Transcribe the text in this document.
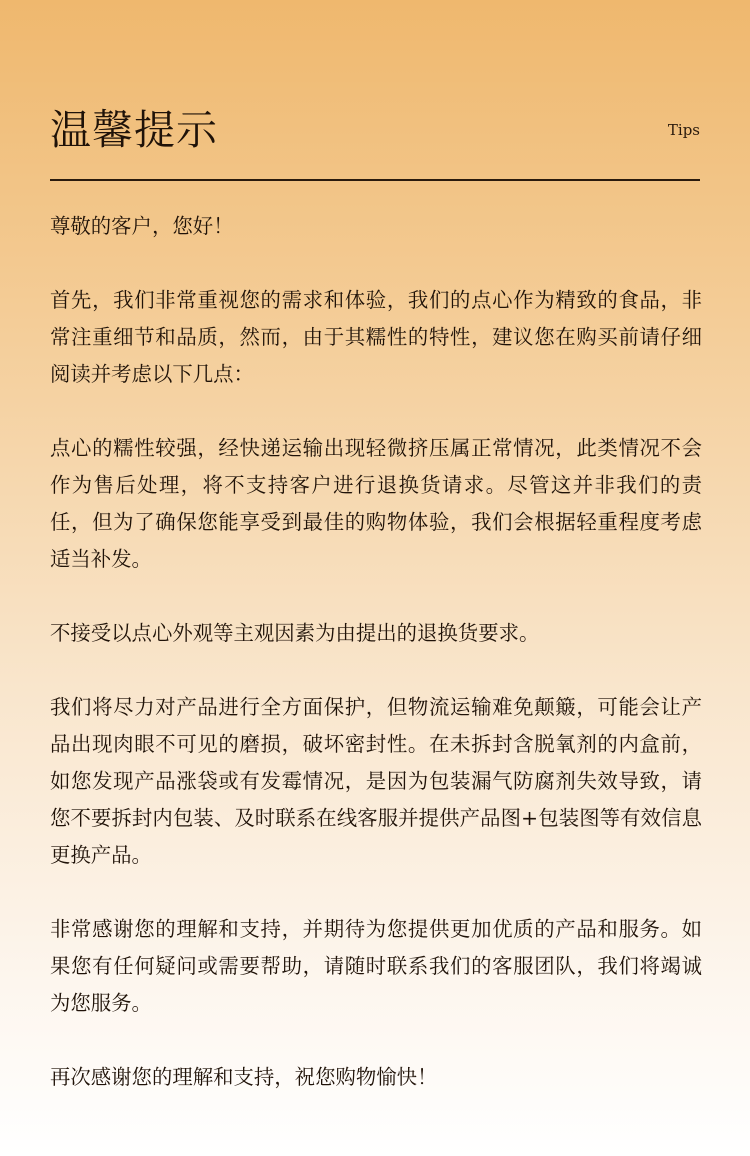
温馨提示	Tips

尊敬的客户，您好！

首先，我们非常重视您的需求和体验，我们的点心作为精致的食品，非常注重细节和品质，然而，由于其糯性的特性，建议您在购买前请仔细阅读并考虑以下几点：

点心的糯性较强，经快递运输出现轻微挤压属正常情况，此类情况不会作为售后处理，将不支持客户进行退换货请求。尽管这并非我们的责任，但为了确保您能享受到最佳的购物体验，我们会根据轻重程度考虑适当补发。

不接受以点心外观等主观因素为由提出的退换货要求。

我们将尽力对产品进行全方面保护，但物流运输难免颠簸，可能会让产品出现肉眼不可见的磨损，破坏密封性。在未拆封含脱氧剂的内盒前，如您发现产品涨袋或有发霉情况，是因为包装漏气防腐剂失效导致，请您不要拆封内包装、及时联系在线客服并提供产品图+包装图等有效信息更换产品。

非常感谢您的理解和支持，并期待为您提供更加优质的产品和服务。如果您有任何疑问或需要帮助，请随时联系我们的客服团队，我们将竭诚为您服务。

再次感谢您的理解和支持，祝您购物愉快！
